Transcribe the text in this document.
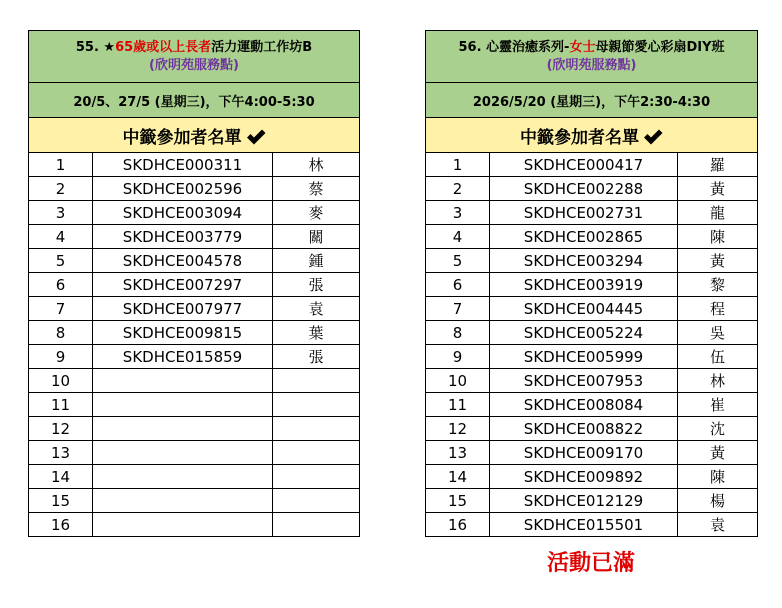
55. ★65歲或以上長者活力運動工作坊B
(欣明苑服務點)		

20/5、27/5 (星期三)，下午4:00-5:30		
中籤參加者名單		
1	SKDHCE000311	林
2	SKDHCE002596	蔡
3	SKDHCE003094	麥
4	SKDHCE003779	關
5	SKDHCE004578	鍾
6	SKDHCE007297	張
7	SKDHCE007977	袁
8	SKDHCE009815	葉
9	SKDHCE015859	張
10		
11		
12		
13		
14		
15		
16		
56. 心靈治癒系列-女士母親節愛心彩扇DIY班
(欣明苑服務點)		

2026/5/20 (星期三)，下午2:30-4:30		
中籤參加者名單		
1	SKDHCE000417	羅
2	SKDHCE002288	黃
3	SKDHCE002731	龍
4	SKDHCE002865	陳
5	SKDHCE003294	黃
6	SKDHCE003919	黎
7	SKDHCE004445	程
8	SKDHCE005224	吳
9	SKDHCE005999	伍
10	SKDHCE007953	林
11	SKDHCE008084	崔
12	SKDHCE008822	沈
13	SKDHCE009170	黃
14	SKDHCE009892	陳
15	SKDHCE012129	楊
16	SKDHCE015501	袁
活動已滿
